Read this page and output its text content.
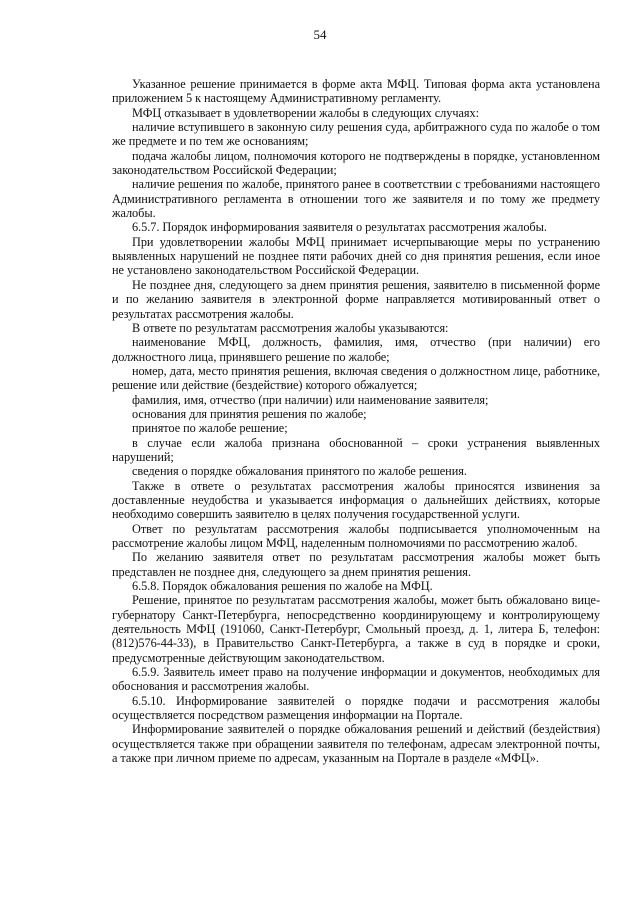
54

Указанное решение принимается в форме акта МФЦ. Типовая форма акта установлена приложением 5 к настоящему Административному регламенту.

МФЦ отказывает в удовлетворении жалобы в следующих случаях:

наличие вступившего в законную силу решения суда, арбитражного суда по жалобе о том же предмете и по тем же основаниям;

подача жалобы лицом, полномочия которого не подтверждены в порядке, установленном законодательством Российской Федерации;

наличие решения по жалобе, принятого ранее в соответствии с требованиями настоящего Административного регламента в отношении того же заявителя и по тому же предмету жалобы.

6.5.7. Порядок информирования заявителя о результатах рассмотрения жалобы.

При удовлетворении жалобы МФЦ принимает исчерпывающие меры по устранению выявленных нарушений не позднее пяти рабочих дней со дня принятия решения, если иное не установлено законодательством Российской Федерации.

Не позднее дня, следующего за днем принятия решения, заявителю в письменной форме и по желанию заявителя в электронной форме направляется мотивированный ответ о результатах рассмотрения жалобы.

В ответе по результатам рассмотрения жалобы указываются:

наименование МФЦ, должность, фамилия, имя, отчество (при наличии) его должностного лица, принявшего решение по жалобе;

номер, дата, место принятия решения, включая сведения о должностном лице, работнике, решение или действие (бездействие) которого обжалуется;

фамилия, имя, отчество (при наличии) или наименование заявителя;

основания для принятия решения по жалобе;

принятое по жалобе решение;

в случае если жалоба признана обоснованной – сроки устранения выявленных нарушений;

сведения о порядке обжалования принятого по жалобе решения.

Также в ответе о результатах рассмотрения жалобы приносятся извинения за доставленные неудобства и указывается информация о дальнейших действиях, которые необходимо совершить заявителю в целях получения государственной услуги.

Ответ по результатам рассмотрения жалобы подписывается уполномоченным на рассмотрение жалобы лицом МФЦ, наделенным полномочиями по рассмотрению жалоб.

По желанию заявителя ответ по результатам рассмотрения жалобы может быть представлен не позднее дня, следующего за днем принятия решения.

6.5.8. Порядок обжалования решения по жалобе на МФЦ.

Решение, принятое по результатам рассмотрения жалобы, может быть обжаловано вице-губернатору Санкт-Петербурга, непосредственно координирующему и контролирующему деятельность МФЦ (191060, Санкт-Петербург, Смольный проезд, д. 1, литера Б, телефон: (812)576-44-33), в Правительство Санкт-Петербурга, а также в суд в порядке и сроки, предусмотренные действующим законодательством.

6.5.9. Заявитель имеет право на получение информации и документов, необходимых для обоснования и рассмотрения жалобы.

6.5.10. Информирование заявителей о порядке подачи и рассмотрения жалобы осуществляется посредством размещения информации на Портале.

Информирование заявителей о порядке обжалования решений и действий (бездействия) осуществляется также при обращении заявителя по телефонам, адресам электронной почты, а также при личном приеме по адресам, указанным на Портале в разделе «МФЦ».
